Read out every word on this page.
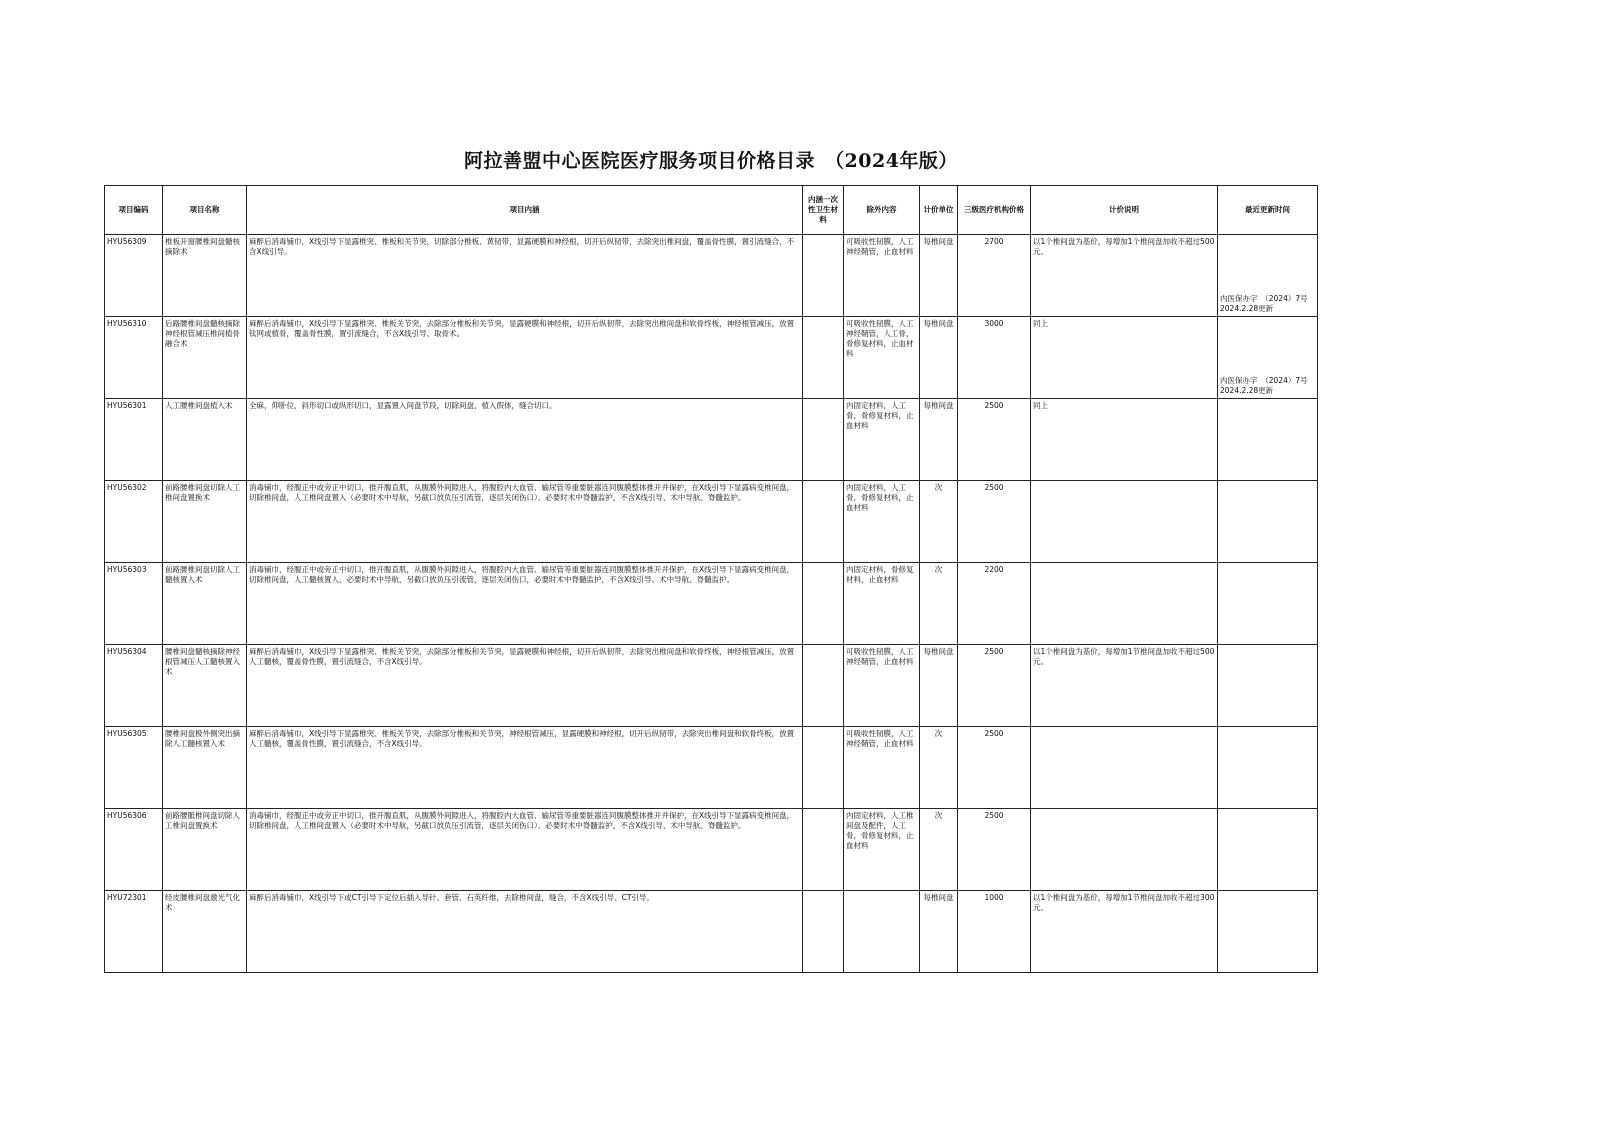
阿拉善盟中心医院医疗服务项目价格目录　（2024年版）
项目编码	项目名称	项目内涵	内涵一次性卫生材料	除外内容	计价单位	三级医疗机构价格	计价说明	最近更新时间
HYU56309	椎板开窗腰椎间盘髓核摘除术	麻醉后消毒铺巾，X线引导下显露椎突、椎板和关节突，切除部分椎板、黄韧带，显露硬膜和神经根，切开后纵韧带，去除突出椎间盘，覆盖骨性膜，置引流缝合，不含X线引导。		可吸收性韧膜，人工神经鞘管，止血材料	每椎间盘	2700	以1个椎间盘为基价，每增加1个椎间盘加收不超过500元。	内医保办字　（2024）7号　2024.2.28更新

HYU56310	后路腰椎间盘髓核摘除神经根管减压椎间植骨融合术	麻醉后消毒铺巾，X线引导下显露椎突、椎板关节突，去除部分椎板和关节突，显露硬膜和神经根，切开后纵韧带，去除突出椎间盘和软骨终板，神经根管减压，放置钛网或植骨，覆盖骨性膜，置引流缝合，不含X线引导、取骨术。		可吸收性韧膜，人工神经鞘管，人工骨，骨修复材料，止血材料	每椎间盘	3000	同上	内医保办字　（2024）7号　2024.2.28更新

HYU56301	人工腰椎间盘植入术	全麻，仰卧位，斜形切口或纵形切口，显露置入间盘节段，切除间盘，植入假体，缝合切口。		内固定材料，人工骨，骨修复材料，止血材料	每椎间盘	2500	同上	

HYU56302	前路腰椎间盘切除人工椎间盘置换术	消毒铺巾，经腹正中或旁正中切口，推开腹直肌，从腹膜外间隙进入，将腹腔内大血管、输尿管等重要脏器连同腹膜整体推开并保护，在X线引导下显露病变椎间盘，切除椎间盘，人工椎间盘置入（必要时术中导航，另截口放负压引流管，逐层关闭伤口）。必要时术中脊髓监护，不含X线引导、术中导航、脊髓监护。		内固定材料，人工骨，骨修复材料，止血材料	次	2500		

HYU56303	前路腰椎间盘切除人工髓核置入术	消毒铺巾，经腹正中或旁正中切口，推开腹直肌，从腹膜外间隙进入，将腹腔内大血管、输尿管等重要脏器连同腹膜整体推开并保护，在X线引导下显露病变椎间盘，切除椎间盘，人工髓核置入，必要时术中导航，另截口放负压引流管，逐层关闭伤口，必要时术中脊髓监护，不含X线引导、术中导航、脊髓监护。		内固定材料，骨修复材料，止血材料	次	2200		

HYU56304	腰椎间盘髓核摘除神经根管减压人工髓核置入术	麻醉后消毒铺巾，X线引导下显露椎突、椎板关节突，去除部分椎板和关节突，显露硬膜和神经根，切开后纵韧带，去除突出椎间盘和软骨终板，神经根管减压，放置人工髓核，覆盖骨性膜，置引流缝合，不含X线引导。		可吸收性韧膜，人工神经鞘管，止血材料	每椎间盘	2500	以1个椎间盘为基价，每增加1节椎间盘加收不超过500元。	

HYU56305	腰椎间盘极外侧突出摘除人工髓核置入术	麻醉后消毒铺巾，X线引导下显露椎突、椎板关节突，去除部分椎板和关节突，神经根管减压，显露硬膜和神经根，切开后纵韧带，去除突出椎间盘和软骨终板，放置人工髓核，覆盖骨性膜，置引流缝合，不含X线引导。		可吸收性韧膜，人工神经鞘管，止血材料	次	2500		

HYU56306	前路腰骶椎间盘切除人工椎间盘置换术	消毒铺巾，经腹正中或旁正中切口，推开腹直肌，从腹膜外间隙进入，将腹腔内大血管、输尿管等重要脏器连同腹膜整体推开并保护，在X线引导下显露病变椎间盘，切除椎间盘，人工椎间盘置入（必要时术中导航，另截口放负压引流管，逐层关闭伤口）。必要时术中脊髓监护，不含X线引导、术中导航、脊髓监护。		内固定材料，人工椎间盘及配件，人工骨，骨修复材料，止血材料	次	2500		

HYU72301	经皮腰椎间盘激光气化术	麻醉后消毒铺巾，X线引导下或CT引导下定位后插入导针、套管、石英纤维，去除椎间盘，缝合，不含X线引导、CT引导。			每椎间盘	1000	以1个椎间盘为基价，每增加1节椎间盘加收不超过300元。	
